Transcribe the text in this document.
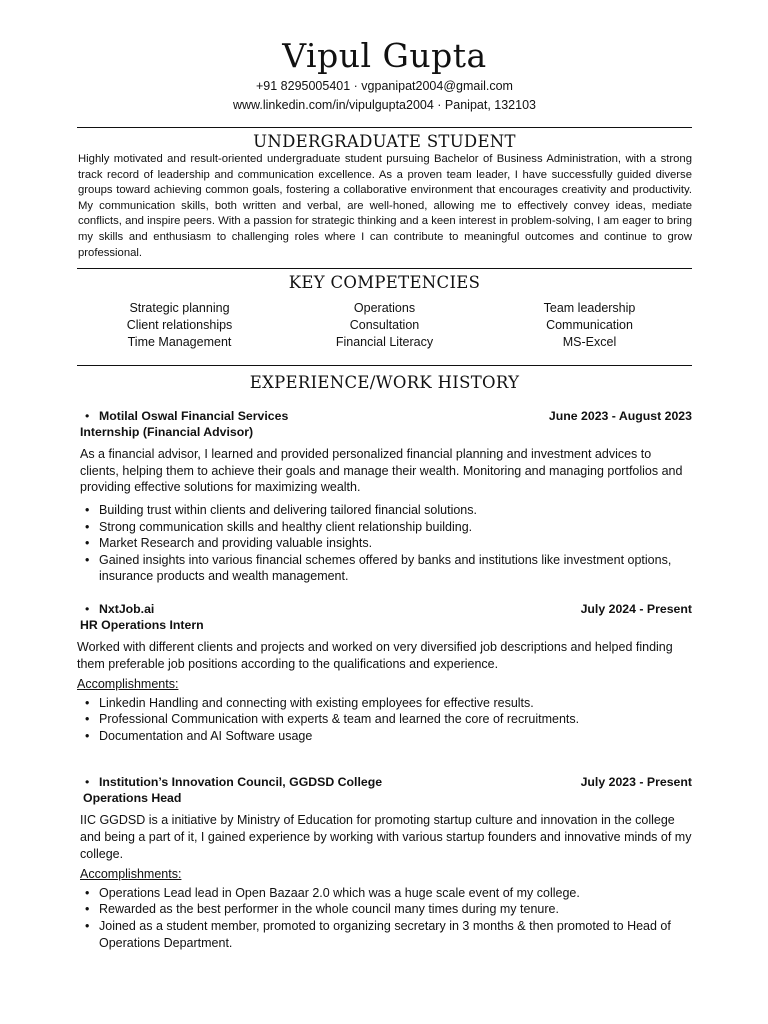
Vipul Gupta
+91 8295005401 · vgpanipat2004@gmail.com
www.linkedin.com/in/vipulgupta2004 · Panipat, 132103
UNDERGRADUATE STUDENT

Highly motivated and result-oriented undergraduate student pursuing Bachelor of Business Administration, with a strong track record of leadership and communication excellence. As a proven team leader, I have successfully guided diverse groups toward achieving common goals, fostering a collaborative environment that encourages creativity and productivity. My communication skills, both written and verbal, are well-honed, allowing me to effectively convey ideas, mediate conflicts, and inspire peers. With a passion for strategic thinking and a keen interest in problem-solving, I am eager to bring my skills and enthusiasm to challenging roles where I can contribute to meaningful outcomes and continue to grow professional.

KEY COMPETENCIES
Strategic planning	Operations	Team leadership
Client relationships	Consultation	Communication
Time Management	Financial Literacy	MS-Excel
EXPERIENCE/WORK HISTORY
• Motilal Oswal Financial Services	June 2023 - August 2023
Internship (Financial Advisor)

As a financial advisor, I learned and provided personalized financial planning and investment advices to clients, helping them to achieve their goals and manage their wealth. Monitoring and managing portfolios and providing effective solutions for maximizing wealth.

• Building trust within clients and delivering tailored financial solutions.
• Strong communication skills and healthy client relationship building.
• Market Research and providing valuable insights.
• Gained insights into various financial schemes offered by banks and institutions like investment options, insurance products and wealth management.
• NxtJob.ai	July 2024 - Present
HR Operations Intern

Worked with different clients and projects and worked on very diversified job descriptions and helped finding them preferable job positions according to the qualifications and experience.

Accomplishments:
• Linkedin Handling and connecting with existing employees for effective results.
• Professional Communication with experts & team and learned the core of recruitments.
• Documentation and AI Software usage
• Institution’s Innovation Council, GGDSD College	July 2023 - Present
Operations Head

IIC GGDSD is a initiative by Ministry of Education for promoting startup culture and innovation in the college and being a part of it, I gained experience by working with various startup founders and innovative minds of my college.

Accomplishments:
• Operations Lead lead in Open Bazaar 2.0 which was a huge scale event of my college.
• Rewarded as the best performer in the whole council many times during my tenure.
• Joined as a student member, promoted to organizing secretary in 3 months & then promoted to Head of Operations Department.
